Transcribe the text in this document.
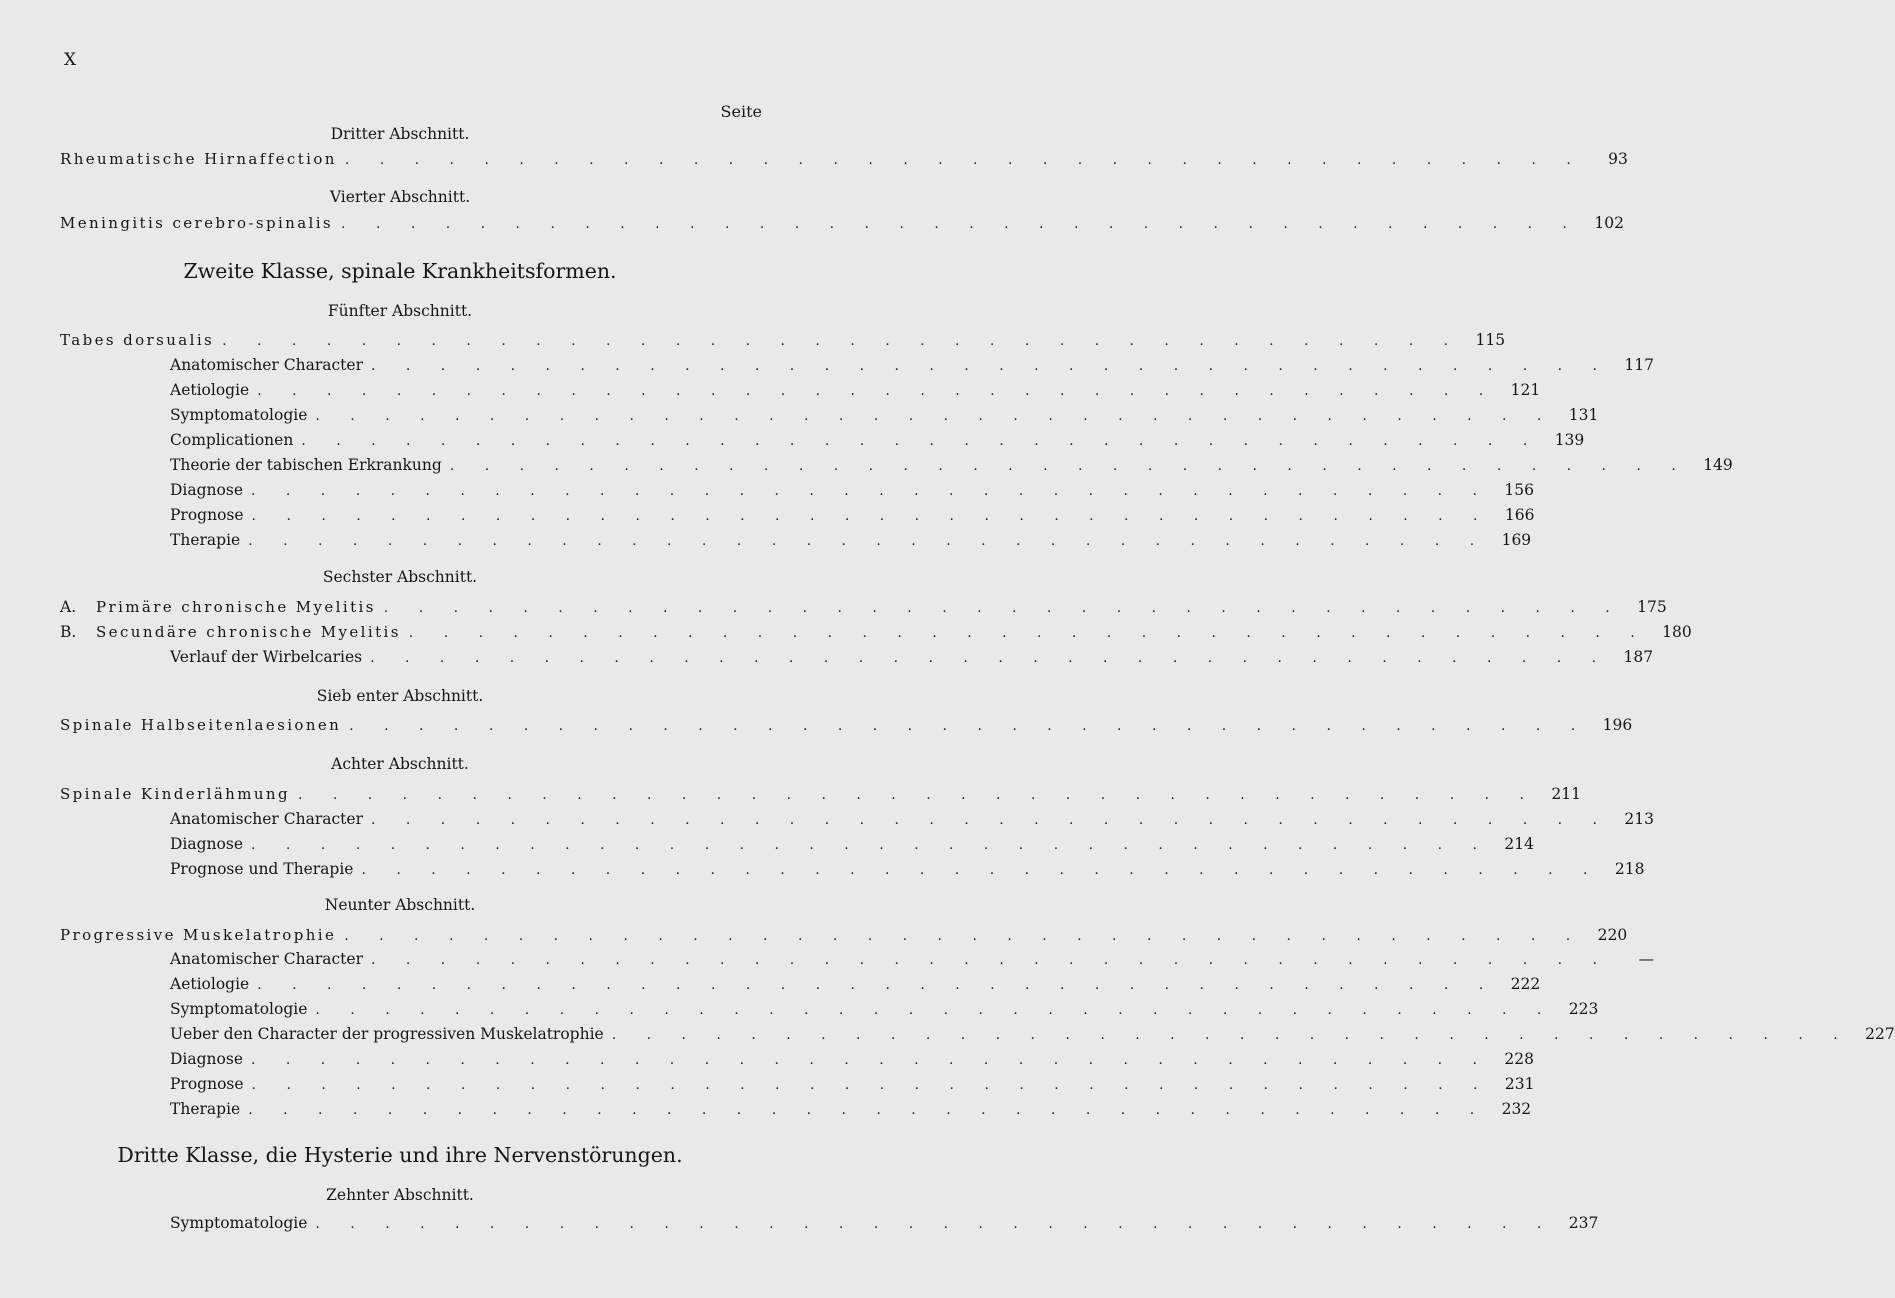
X
Seite
Dritter Abschnitt.
Vierter Abschnitt.
Fünfter Abschnitt.
Sechster Abschnitt.
Sieb enter Abschnitt.
Achter Abschnitt.
Neunter Abschnitt.
Zehnter Abschnitt.
Zweite Klasse, spinale Krankheitsformen.
Dritte Klasse, die Hysterie und ihre Nervenstörungen.
Rheumatische Hirnaffection . . . . . . . . . . . . . . . . . . . . . . . . . . . . . . . . . . . .	93
Meningitis cerebro-spinalis . . . . . . . . . . . . . . . . . . . . . . . . . . . . . . . . . . . . 102
Tabes dorsualis . . . . . . . . . . . . . . . . . . . . . . . . . . . . . . . . . . . . 115
Anatomischer Character . . . . . . . . . . . . . . . . . . . . . . . . . . . . . . . . . . . . 117
Aetiologie . . . . . . . . . . . . . . . . . . . . . . . . . . . . . . . . . . . . 121
Symptomatologie . . . . . . . . . . . . . . . . . . . . . . . . . . . . . . . . . . . . 131
Complicationen . . . . . . . . . . . . . . . . . . . . . . . . . . . . . . . . . . . . 139
Theorie der tabischen Erkrankung . . . . . . . . . . . . . . . . . . . . . . . . . . . . . . . . . . . . 149
Diagnose . . . . . . . . . . . . . . . . . . . . . . . . . . . . . . . . . . . . 156
Prognose . . . . . . . . . . . . . . . . . . . . . . . . . . . . . . . . . . . . 166
Therapie . . . . . . . . . . . . . . . . . . . . . . . . . . . . . . . . . . . . 169
A.	Primäre chronische Myelitis . . . . . . . . . . . . . . . . . . . . . . . . . . . . . . . . . . . . 175
B.	Secundäre chronische Myelitis . . . . . . . . . . . . . . . . . . . . . . . . . . . . . . . . . . . . 180
Verlauf der Wirbelcaries . . . . . . . . . . . . . . . . . . . . . . . . . . . . . . . . . . . . 187
Spinale Halbseitenlaesionen . . . . . . . . . . . . . . . . . . . . . . . . . . . . . . . . . . . . 196
Spinale Kinderlähmung . . . . . . . . . . . . . . . . . . . . . . . . . . . . . . . . . . . . 211
Anatomischer Character . . . . . . . . . . . . . . . . . . . . . . . . . . . . . . . . . . . . 213
Diagnose . . . . . . . . . . . . . . . . . . . . . . . . . . . . . . . . . . . . 214
Prognose und Therapie . . . . . . . . . . . . . . . . . . . . . . . . . . . . . . . . . . . . 218
Progressive Muskelatrophie . . . . . . . . . . . . . . . . . . . . . . . . . . . . . . . . . . . . 220
Anatomischer Character . . . . . . . . . . . . . . . . . . . . . . . . . . . . . . . . . . . .	—
Aetiologie . . . . . . . . . . . . . . . . . . . . . . . . . . . . . . . . . . . . 222
Symptomatologie . . . . . . . . . . . . . . . . . . . . . . . . . . . . . . . . . . . . 223
Ueber den Character der progressiven Muskelatrophie . . . . . . . . . . . . . . . . . . . . . . . . . . . . . . . . . . . . 227
Diagnose . . . . . . . . . . . . . . . . . . . . . . . . . . . . . . . . . . . . 228
Prognose . . . . . . . . . . . . . . . . . . . . . . . . . . . . . . . . . . . . 231
Therapie . . . . . . . . . . . . . . . . . . . . . . . . . . . . . . . . . . . . 232
Symptomatologie . . . . . . . . . . . . . . . . . . . . . . . . . . . . . . . . . . . . 237
